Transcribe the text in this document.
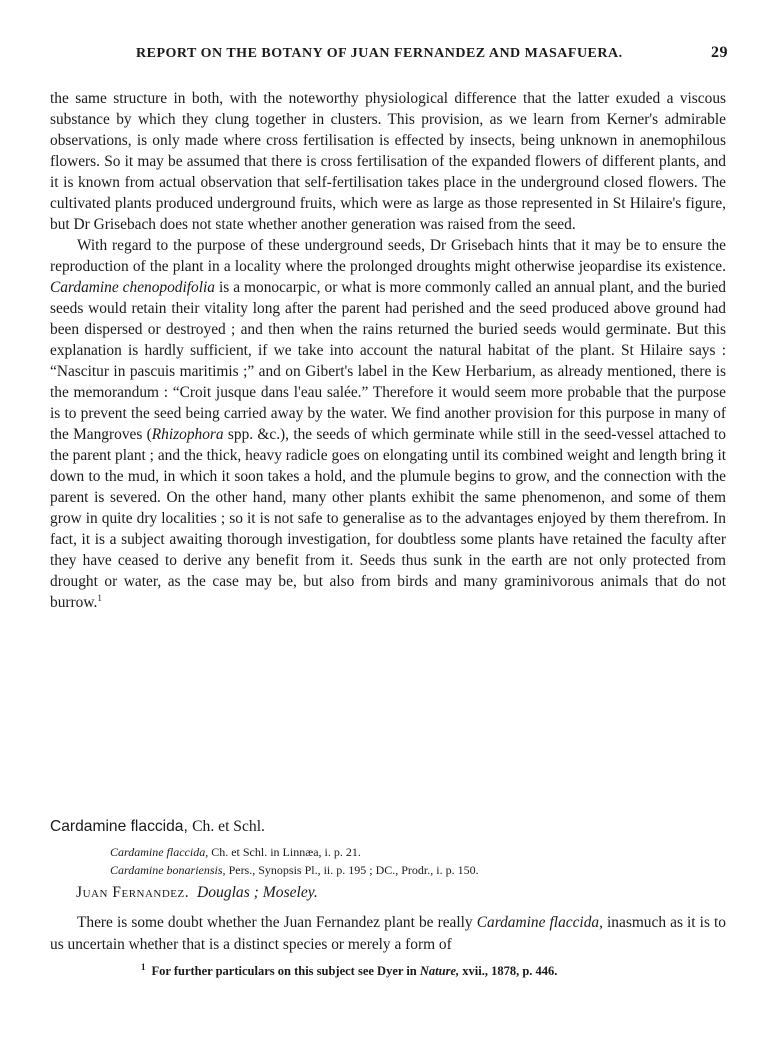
REPORT ON THE BOTANY OF JUAN FERNANDEZ AND MASAFUERA.	29

the same structure in both, with the noteworthy physiological difference that the latter exuded a viscous substance by which they clung together in clusters. This provision, as we learn from Kerner's admirable observations, is only made where cross fertilisation is effected by insects, being unknown in anemophilous flowers. So it may be assumed that there is cross fertilisation of the expanded flowers of different plants, and it is known from actual observation that self-fertilisation takes place in the underground closed flowers. The cultivated plants produced underground fruits, which were as large as those represented in St Hilaire's figure, but Dr Grisebach does not state whether another generation was raised from the seed.

With regard to the purpose of these underground seeds, Dr Grisebach hints that it may be to ensure the reproduction of the plant in a locality where the prolonged droughts might otherwise jeopardise its existence. Cardamine chenopodifolia is a monocarpic, or what is more commonly called an annual plant, and the buried seeds would retain their vitality long after the parent had perished and the seed produced above ground had been dispersed or destroyed ; and then when the rains returned the buried seeds would germinate. But this explanation is hardly sufficient, if we take into account the natural habitat of the plant. St Hilaire says : “Nascitur in pascuis maritimis ;” and on Gibert's label in the Kew Herbarium, as already mentioned, there is the memorandum : “Croit jusque dans l'eau salée.” Therefore it would seem more probable that the purpose is to prevent the seed being carried away by the water. We find another provision for this purpose in many of the Mangroves (Rhizophora spp. &c.), the seeds of which germinate while still in the seed-vessel attached to the parent plant ; and the thick, heavy radicle goes on elongating until its combined weight and length bring it down to the mud, in which it soon takes a hold, and the plumule begins to grow, and the connection with the parent is severed. On the other hand, many other plants exhibit the same phenomenon, and some of them grow in quite dry localities ; so it is not safe to generalise as to the advantages enjoyed by them therefrom. In fact, it is a subject awaiting thorough investigation, for doubtless some plants have retained the faculty after they have ceased to derive any benefit from it. Seeds thus sunk in the earth are not only protected from drought or water, as the case may be, but also from birds and many graminivorous animals that do not burrow.$^1$

Cardamine flaccida, Ch. et Schl.
Cardamine flaccida, Ch. et Schl. in Linnæa, i. p. 21.
Cardamine bonariensis, Pers., Synopsis Pl., ii. p. 195 ; DC., Prodr., i. p. 150.
Juan Fernandez. Douglas ; Moseley.
There is some doubt whether the Juan Fernandez plant be really Cardamine flaccida, inasmuch as it is to us uncertain whether that is a distinct species or merely a form of
$^1$ For further particulars on this subject see Dyer in Nature, xvii., 1878, p. 446.
